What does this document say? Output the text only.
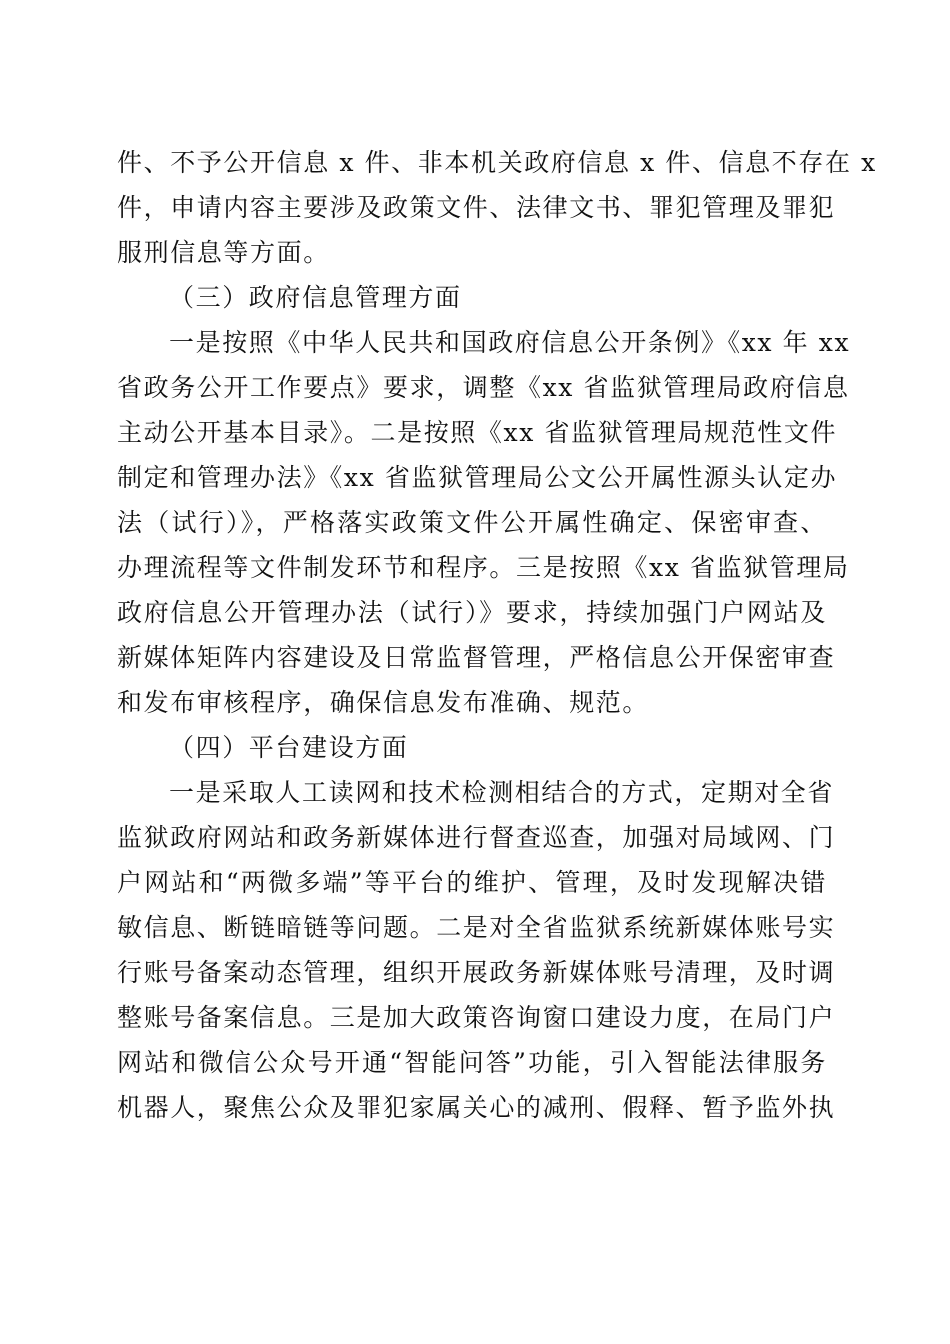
件、不予公开信息 x 件、非本机关政府信息 x 件、信息不存在 x
件，申请内容主要涉及政策文件、法律文书、罪犯管理及罪犯
服刑信息等方面。
（三）政府信息管理方面
一是按照《中华人民共和国政府信息公开条例》《xx 年 xx
省政务公开工作要点》要求，调整《xx 省监狱管理局政府信息
主动公开基本目录》。二是按照《xx 省监狱管理局规范性文件
制定和管理办法》《xx 省监狱管理局公文公开属性源头认定办
法（试行）》，严格落实政策文件公开属性确定、保密审查、
办理流程等文件制发环节和程序。三是按照《xx 省监狱管理局
政府信息公开管理办法（试行）》要求，持续加强门户网站及
新媒体矩阵内容建设及日常监督管理，严格信息公开保密审查
和发布审核程序，确保信息发布准确、规范。
（四）平台建设方面
一是采取人工读网和技术检测相结合的方式，定期对全省
监狱政府网站和政务新媒体进行督查巡查，加强对局域网、门
户网站和“两微多端”等平台的维护、管理，及时发现解决错
敏信息、断链暗链等问题。二是对全省监狱系统新媒体账号实
行账号备案动态管理，组织开展政务新媒体账号清理，及时调
整账号备案信息。三是加大政策咨询窗口建设力度，在局门户
网站和微信公众号开通“智能问答”功能，引入智能法律服务
机器人，聚焦公众及罪犯家属关心的减刑、假释、暂予监外执
